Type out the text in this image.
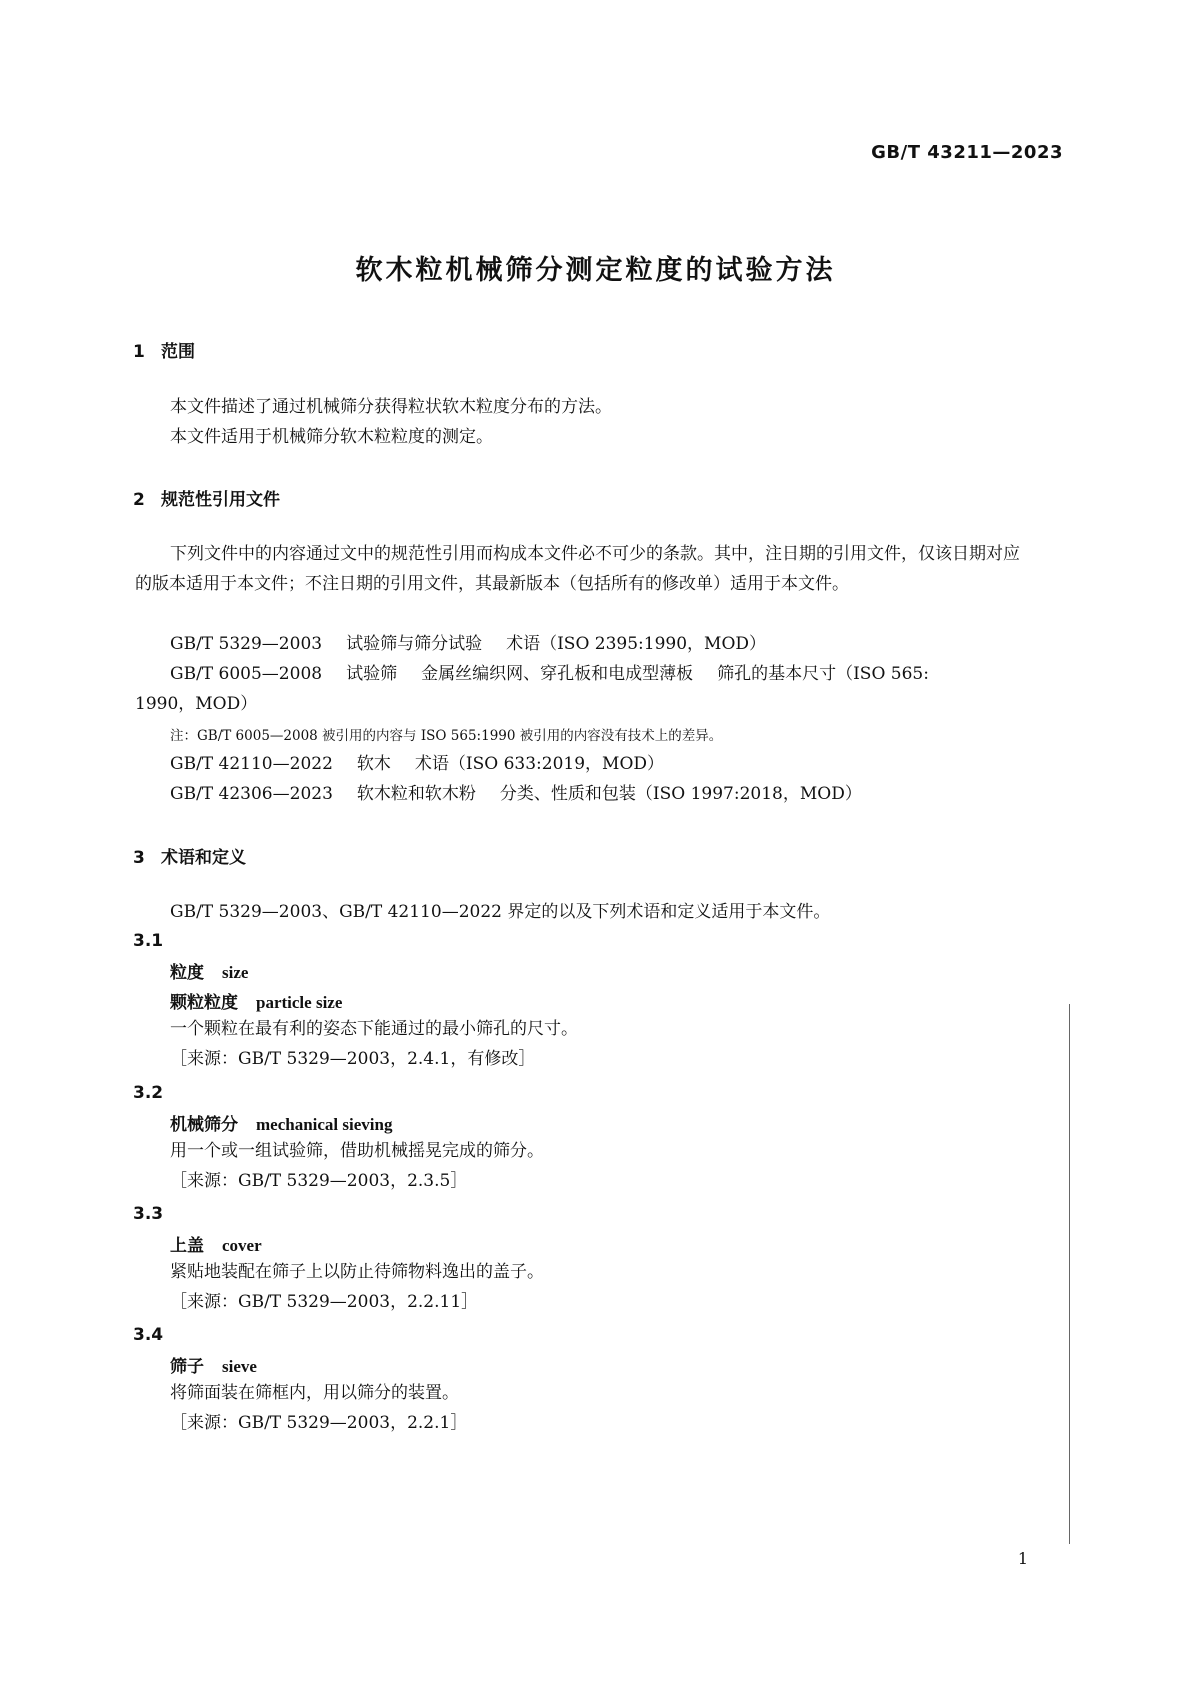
GB/T 43211—2023
软木粒机械筛分测定粒度的试验方法
1 范围
本文件描述了通过机械筛分获得粒状软木粒度分布的方法。
本文件适用于机械筛分软木粒粒度的测定。
2 规范性引用文件
下列文件中的内容通过文中的规范性引用而构成本文件必不可少的条款。其中，注日期的引用文件，仅该日期对应的版本适用于本文件；不注日期的引用文件，其最新版本（包括所有的修改单）适用于本文件。
GB/T 5329—2003 试验筛与筛分试验 术语（ISO 2395:1990，MOD）
GB/T 6005—2008 试验筛 金属丝编织网、穿孔板和电成型薄板 筛孔的基本尺寸（ISO 565:
1990，MOD）
注：GB/T 6005—2008 被引用的内容与 ISO 565:1990 被引用的内容没有技术上的差异。
GB/T 42110—2022 软木 术语（ISO 633:2019，MOD）
GB/T 42306—2023 软木粒和软木粉 分类、性质和包装（ISO 1997:2018，MOD）
3 术语和定义
GB/T 5329—2003、GB/T 42110—2022 界定的以及下列术语和定义适用于本文件。
3.1
粒度 size
颗粒粒度 particle size
一个颗粒在最有利的姿态下能通过的最小筛孔的尺寸。
［来源：GB/T 5329—2003，2.4.1，有修改］
3.2
机械筛分 mechanical sieving
用一个或一组试验筛，借助机械摇晃完成的筛分。
［来源：GB/T 5329—2003，2.3.5］
3.3
上盖 cover
紧贴地装配在筛子上以防止待筛物料逸出的盖子。
［来源：GB/T 5329—2003，2.2.11］
3.4
筛子 sieve
将筛面装在筛框内，用以筛分的装置。
［来源：GB/T 5329—2003，2.2.1］
1
